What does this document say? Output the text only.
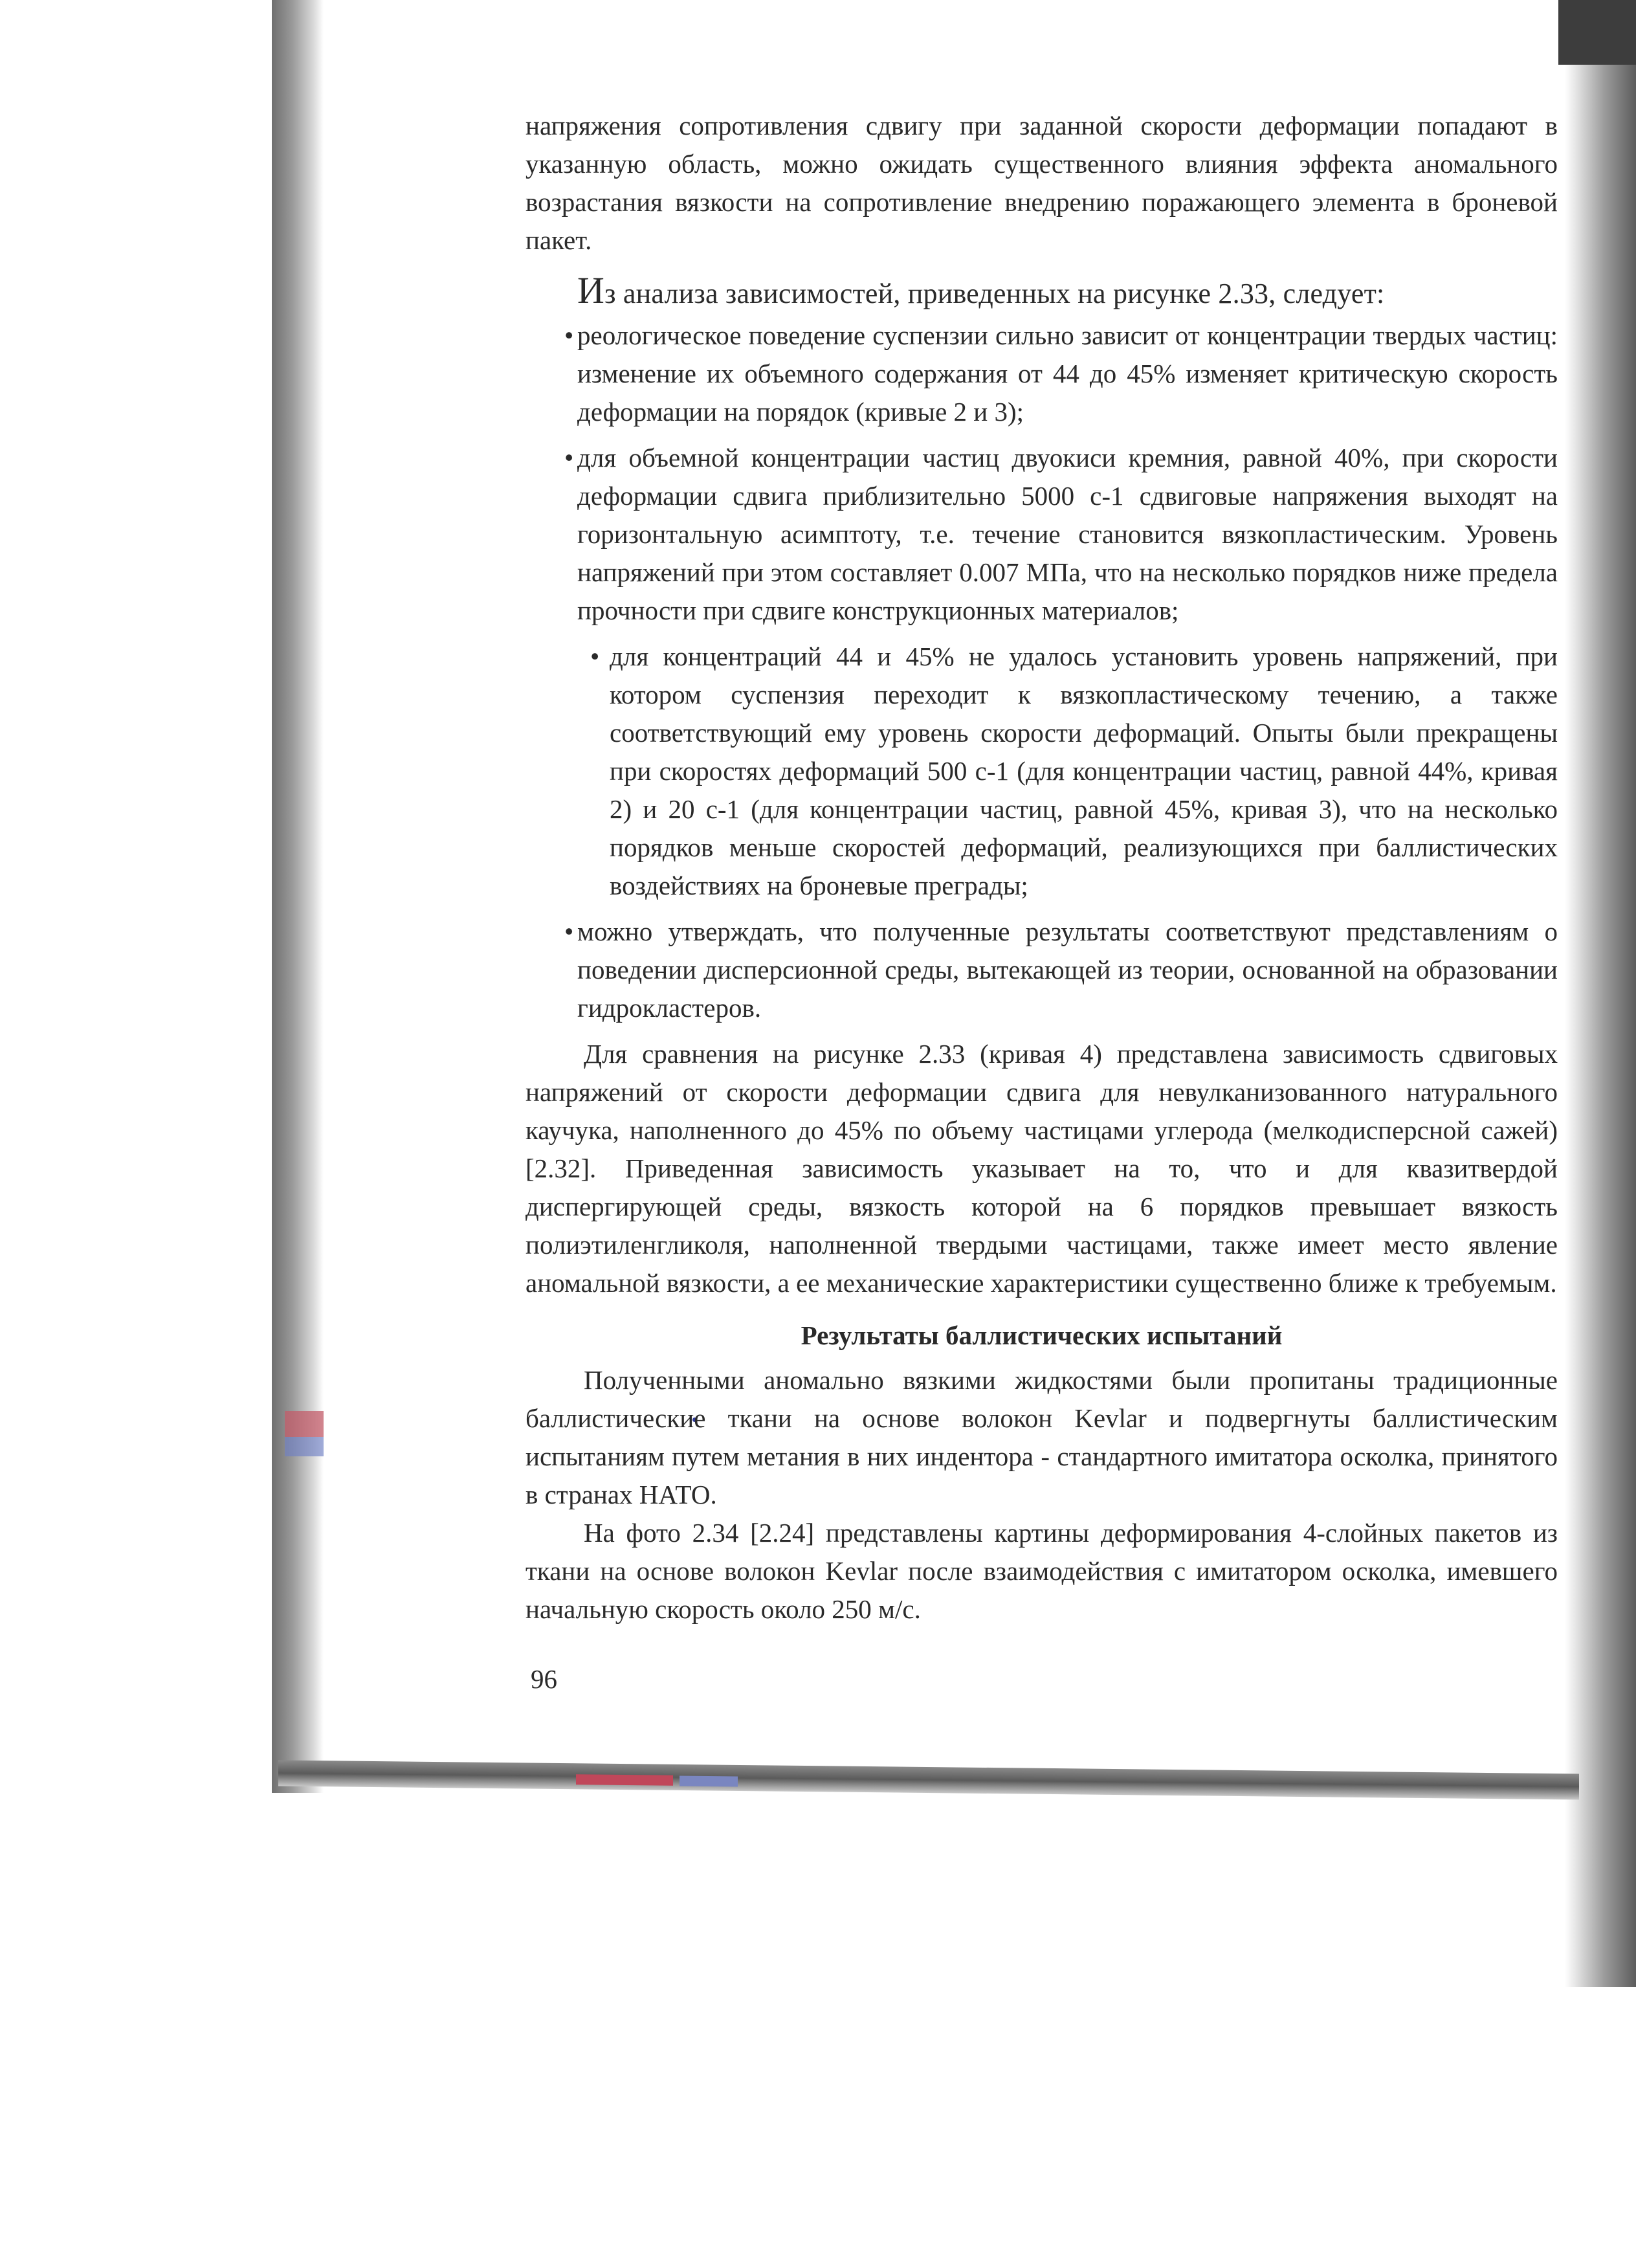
напряжения сопротивления сдвигу при заданной скорости деформации попадают в указанную область, можно ожидать существенного влияния эффекта аномального возрастания вязкости на сопротивление внедрению поражающего элемента в броневой пакет.

Из анализа зависимостей, приведенных на рисунке 2.33, следует:

• реологическое поведение суспензии сильно зависит от концентрации твердых частиц: изменение их объемного содержания от 44 до 45% изменяет критическую скорость деформации на порядок (кривые 2 и 3);
• для объемной концентрации частиц двуокиси кремния, равной 40%, при скорости деформации сдвига приблизительно 5000 с-1 сдвиговые напряжения выходят на горизонтальную асимптоту, т.е. течение становится вязкопластическим. Уровень напряжений при этом составляет 0.007 МПа, что на несколько порядков ниже предела прочности при сдвиге конструкционных материалов;
• для концентраций 44 и 45% не удалось установить уровень напряжений, при котором суспензия переходит к вязкопластическому течению, а также соответствующий ему уровень скорости деформаций. Опыты были прекращены при скоростях деформаций 500 с-1 (для концентрации частиц, равной 44%, кривая 2) и 20 с-1 (для концентрации частиц, равной 45%, кривая 3), что на несколько порядков меньше скоростей деформаций, реализующихся при баллистических воздействиях на броневые преграды;
• можно утверждать, что полученные результаты соответствуют представлениям о поведении дисперсионной среды, вытекающей из теории, основанной на образовании гидрокластеров.

Для сравнения на рисунке 2.33 (кривая 4) представлена зависимость сдвиговых напряжений от скорости деформации сдвига для невулканизованного натурального каучука, наполненного до 45% по объему частицами углерода (мелкодисперсной сажей) [2.32]. Приведенная зависимость указывает на то, что и для квазитвердой диспергирующей среды, вязкость которой на 6 порядков превышает вязкость полиэтиленгликоля, наполненной твердыми частицами, также имеет место явление аномальной вязкости, а ее механические характеристики существенно ближе к требуемым.

Результаты баллистических испытаний

Полученными аномально вязкими жидкостями были пропитаны традиционные баллистические ткани на основе волокон Kevlar и подвергнуты баллистическим испытаниям путем метания в них индентора - стандартного имитатора осколка, принятого в странах НАТО.

На фото 2.34 [2.24] представлены картины деформирования 4-слойных пакетов из ткани на основе волокон Kevlar после взаимодействия с имитатором осколка, имевшего начальную скорость около 250 м/с.

96
